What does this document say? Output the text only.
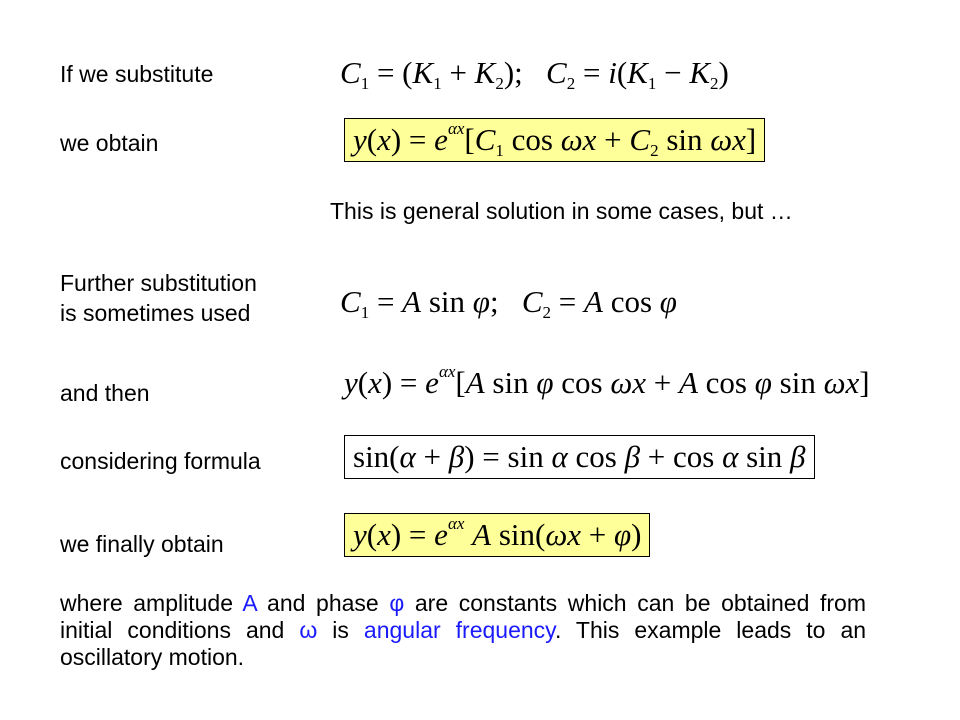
If we substitute	$C_1 = (K_1 + K_2)$;   $C_2 = i(K_1 - K_2)$
we obtain	$y(x) = e^{\alpha x}[C_1$ $\cos \omega x + C_2$ sin ωx]
This is general solution in some cases, but …
Further substitution
is sometimes used	$C_1 = A$ sin φ;   $C_2 = A$ cos φ
and then	$y(x) = e^{\alpha x}[A$ sin φ cos ωx + A cos φ sin ωx]
considering formula	sin(α + β) = sin α cos β + cos α sin β
we finally obtain	$y(x) = e^{\alpha x}$ A sin(ωx + φ)
where amplitude A and phase φ are constants which can be obtained from initial conditions and ω is angular frequency. This example leads to an oscillatory motion.
